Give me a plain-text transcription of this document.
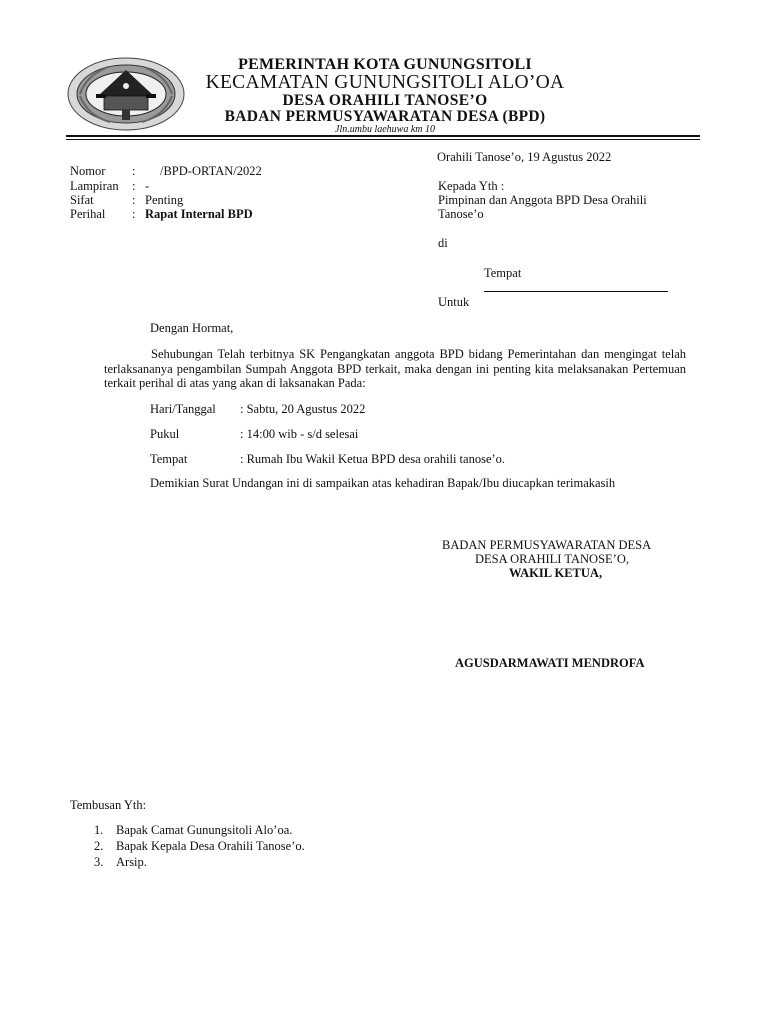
PEMERINTAH KOTA GUNUNGSITOLI
KECAMATAN GUNUNGSITOLI ALO’OA
DESA ORAHILI TANOSE’O
BADAN PERMUSYAWARATAN DESA (BPD)
Jln.umbu laehuwa km 10
Orahili Tanose’o, 19 Agustus 2022
Nomor : /BPD-ORTAN/2022
Lampiran : -
Sifat	: Penting
Perihal : Rapat Internal BPD
Kepada Yth :
Pimpinan dan Anggota BPD Desa Orahili
Tanose’o
di
Tempat
Untuk
Dengan Hormat,
Sehubungan Telah terbitnya SK Pengangkatan anggota BPD bidang Pemerintahan dan mengingat telah terlaksananya pengambilan Sumpah Anggota BPD terkait, maka dengan ini penting kita melaksanakan Pertemuan terkait perihal di atas yang akan di laksanakan Pada:
Hari/Tanggal : Sabtu, 20 Agustus 2022
Pukul	: 14:00 wib - s/d selesai
Tempat	: Rumah Ibu Wakil Ketua BPD desa orahili tanose’o.
Demikian Surat Undangan ini di sampaikan atas kehadiran Bapak/Ibu diucapkan terimakasih
BADAN PERMUSYAWARATAN DESA
DESA ORAHILI TANOSE’O,
WAKIL KETUA,
AGUSDARMAWATI MENDROFA
Tembusan Yth:
1.	Bapak Camat Gunungsitoli Alo’oa.
2.	Bapak Kepala Desa Orahili Tanose’o.
3.	Arsip.
